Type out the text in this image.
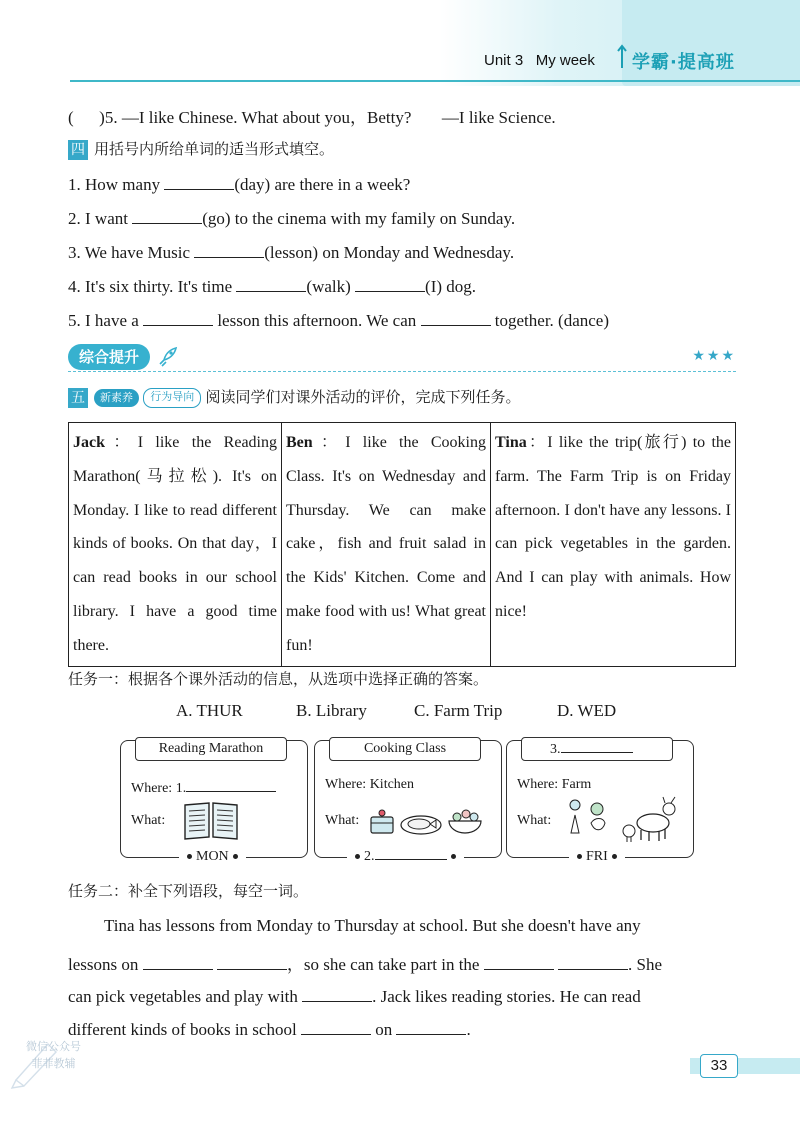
Unit 3 My week 学霸·提高班
(      )5. —I like Chinese. What about you，Betty? —I like Science.
四 用括号内所给单词的适当形式填空。
1. How many	(day) are there in a week?
2. I want	(go) to the cinema with my family on Sunday.
3. We have Music	(lesson) on Monday and Wednesday.
4. It's six thirty. It's time	(walk)	(I) dog.
5. I have a	lesson this afternoon. We can	together. (dance)
综合提升	★★★
五 新素养 行为导向 阅读同学们对课外活动的评价，完成下列任务。
Jack：I like the Reading Marathon(马拉松). It's on Monday. I like to read different kinds of books. On that day，I can read books in our school library. I have a good time there.	Ben：I like the Cooking Class. It's on Wednesday and Thursday. We can make cake，fish and fruit salad in the Kids' Kitchen. Come and make food with us! What great fun!	Tina：I like the trip(旅行) to the farm. The Farm Trip is on Friday afternoon. I don't have any lessons. I can pick vegetables in the garden. And I can play with animals. How nice!
任务一：根据各个课外活动的信息，从选项中选择正确的答案。
A. THUR	B. Library	C. Farm Trip	D. WED
Reading Marathon
Where: 1.
What:
MON
Cooking Class
Where: Kitchen
What:
2.
3.
Where: Farm
What:
FRI
任务二：补全下列语段，每空一词。
Tina has lessons from Monday to Thursday at school. But she doesn't have any
lessons on	，so she can take part in the	. She
can pick vegetables and play with	. Jack likes reading stories. He can read
different kinds of books in school	on	.
微信公众号
菲菲教辅	33
